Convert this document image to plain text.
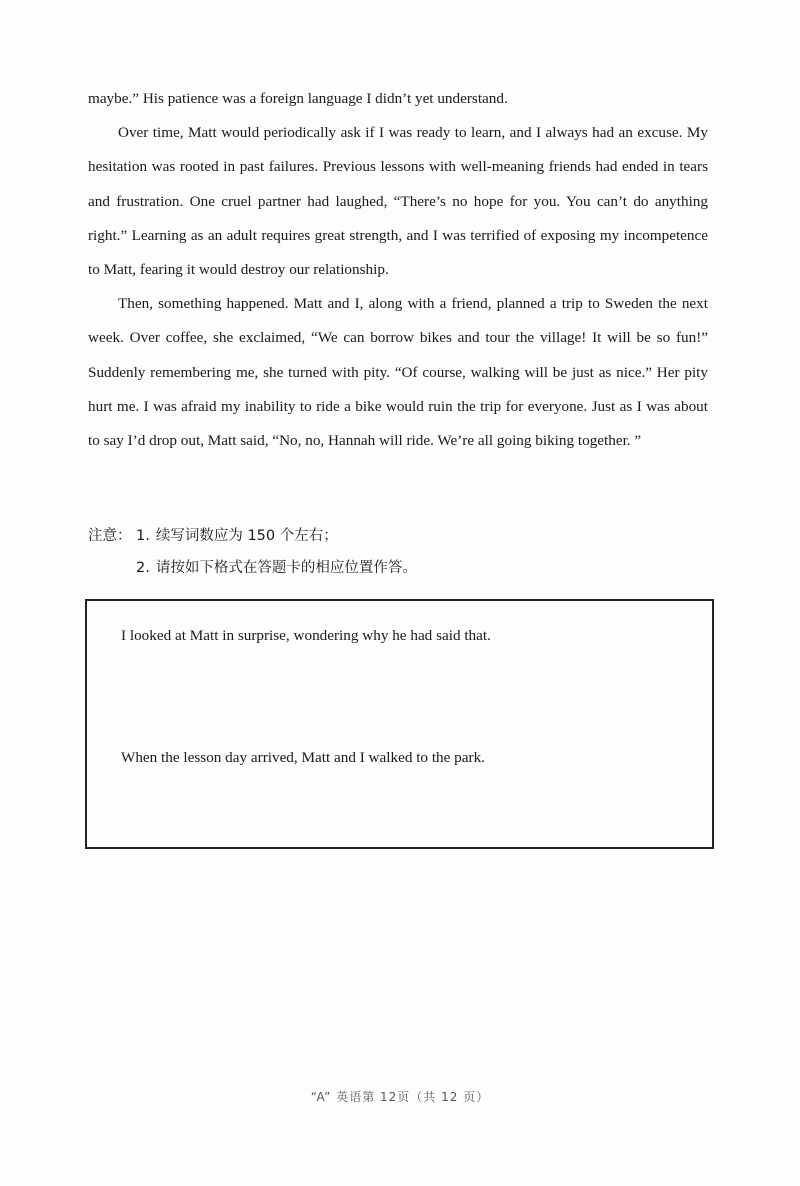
maybe.” His patience was a foreign language I didn’t yet understand.

Over time, Matt would periodically ask if I was ready to learn, and I always had an excuse. My hesitation was rooted in past failures. Previous lessons with well-meaning friends had ended in tears and frustration. One cruel partner had laughed, “There’s no hope for you. You can’t do anything right.” Learning as an adult requires great strength, and I was terrified of exposing my incompetence to Matt, fearing it would destroy our relationship.

Then, something happened. Matt and I, along with a friend, planned a trip to Sweden the next week. Over coffee, she exclaimed, “We can borrow bikes and tour the village! It will be so fun!” Suddenly remembering me, she turned with pity. “Of course, walking will be just as nice.” Her pity hurt me. I was afraid my inability to ride a bike would ruin the trip for everyone. Just as I was about to say I’d drop out, Matt said, “No, no, Hannah will ride. We’re all going biking together. ”

注意： 1. 续写词数应为 150 个左右；
2. 请按如下格式在答题卡的相应位置作答。
I looked at Matt in surprise, wondering why he had said that.
When the lesson day arrived, Matt and I walked to the park.
“A” 英语第 12页（共 12 页）
